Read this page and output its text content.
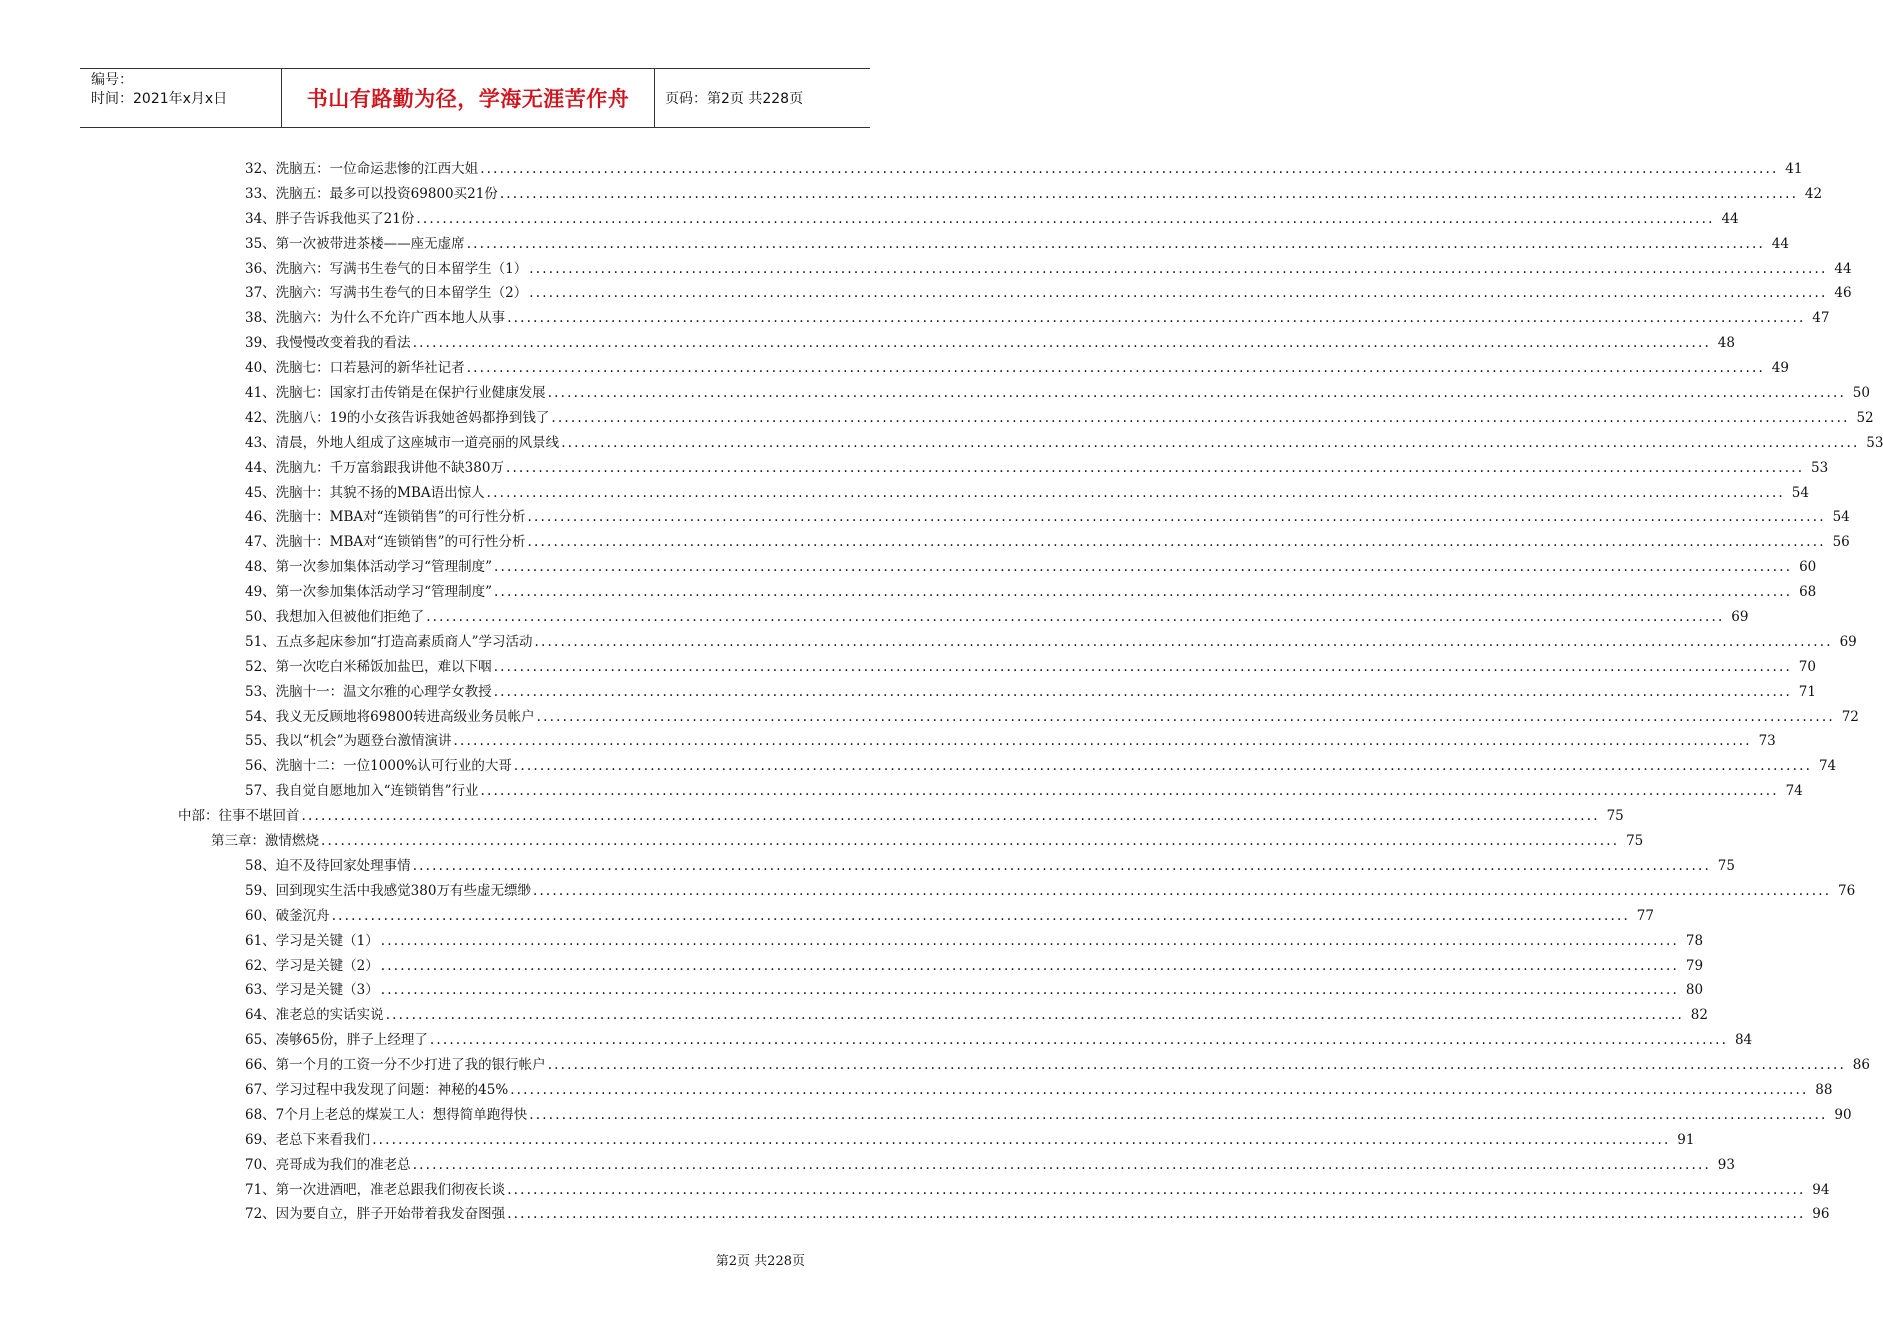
编号：
时间：2021年x月x日	书山有路勤为径，学海无涯苦作舟	页码：第2页 共228页
32、洗脑五：一位命运悲惨的江西大姐 ........................................................................................................................................................................................................ 41
33、洗脑五：最多可以投资69800买21份 ........................................................................................................................................................................................................ 42
34、胖子告诉我他买了21份 ........................................................................................................................................................................................................ 44
35、第一次被带进茶楼——座无虚席 ........................................................................................................................................................................................................ 44
36、洗脑六：写满书生卷气的日本留学生（1） ........................................................................................................................................................................................................ 44
37、洗脑六：写满书生卷气的日本留学生（2） ........................................................................................................................................................................................................ 46
38、洗脑六：为什么不允许广西本地人从事 ........................................................................................................................................................................................................ 47
39、我慢慢改变着我的看法 ........................................................................................................................................................................................................ 48
40、洗脑七：口若悬河的新华社记者 ........................................................................................................................................................................................................ 49
41、洗脑七：国家打击传销是在保护行业健康发展 ........................................................................................................................................................................................................ 50
42、洗脑八：19的小女孩告诉我她爸妈都挣到钱了 ........................................................................................................................................................................................................ 52
43、清晨，外地人组成了这座城市一道亮丽的风景线 ........................................................................................................................................................................................................ 53
44、洗脑九：千万富翁跟我讲他不缺380万 ........................................................................................................................................................................................................ 53
45、洗脑十：其貌不扬的MBA语出惊人 ........................................................................................................................................................................................................ 54
46、洗脑十：MBA对“连锁销售”的可行性分析 ........................................................................................................................................................................................................ 54
47、洗脑十：MBA对“连锁销售”的可行性分析 ........................................................................................................................................................................................................ 56
48、第一次参加集体活动学习“管理制度” ........................................................................................................................................................................................................ 60
49、第一次参加集体活动学习“管理制度” ........................................................................................................................................................................................................ 68
50、我想加入但被他们拒绝了 ........................................................................................................................................................................................................ 69
51、五点多起床参加“打造高素质商人”学习活动 ........................................................................................................................................................................................................ 69
52、第一次吃白米稀饭加盐巴，难以下咽 ........................................................................................................................................................................................................ 70
53、洗脑十一：温文尔雅的心理学女教授 ........................................................................................................................................................................................................ 71
54、我义无反顾地将69800转进高级业务员帐户 ........................................................................................................................................................................................................ 72
55、我以“机会”为题登台激情演讲 ........................................................................................................................................................................................................ 73
56、洗脑十二：一位1000%认可行业的大哥 ........................................................................................................................................................................................................ 74
57、我自觉自愿地加入“连锁销售”行业 ........................................................................................................................................................................................................ 74
中部：往事不堪回首 ........................................................................................................................................................................................................ 75
第三章：激情燃烧 ........................................................................................................................................................................................................ 75
58、迫不及待回家处理事情 ........................................................................................................................................................................................................ 75
59、回到现实生活中我感觉380万有些虚无缥缈 ........................................................................................................................................................................................................ 76
60、破釜沉舟 ........................................................................................................................................................................................................ 77
61、学习是关键（1） ........................................................................................................................................................................................................ 78
62、学习是关键（2） ........................................................................................................................................................................................................ 79
63、学习是关键（3） ........................................................................................................................................................................................................ 80
64、准老总的实话实说 ........................................................................................................................................................................................................ 82
65、凑够65份，胖子上经理了 ........................................................................................................................................................................................................ 84
66、第一个月的工资一分不少打进了我的银行帐户 ........................................................................................................................................................................................................ 86
67、学习过程中我发现了问题：神秘的45% ........................................................................................................................................................................................................ 88
68、7个月上老总的煤炭工人：想得简单跑得快 ........................................................................................................................................................................................................ 90
69、老总下来看我们 ........................................................................................................................................................................................................ 91
70、亮哥成为我们的准老总 ........................................................................................................................................................................................................ 93
71、第一次进酒吧，准老总跟我们彻夜长谈 ........................................................................................................................................................................................................ 94
72、因为要自立，胖子开始带着我发奋图强 ........................................................................................................................................................................................................ 96
第2页 共228页
